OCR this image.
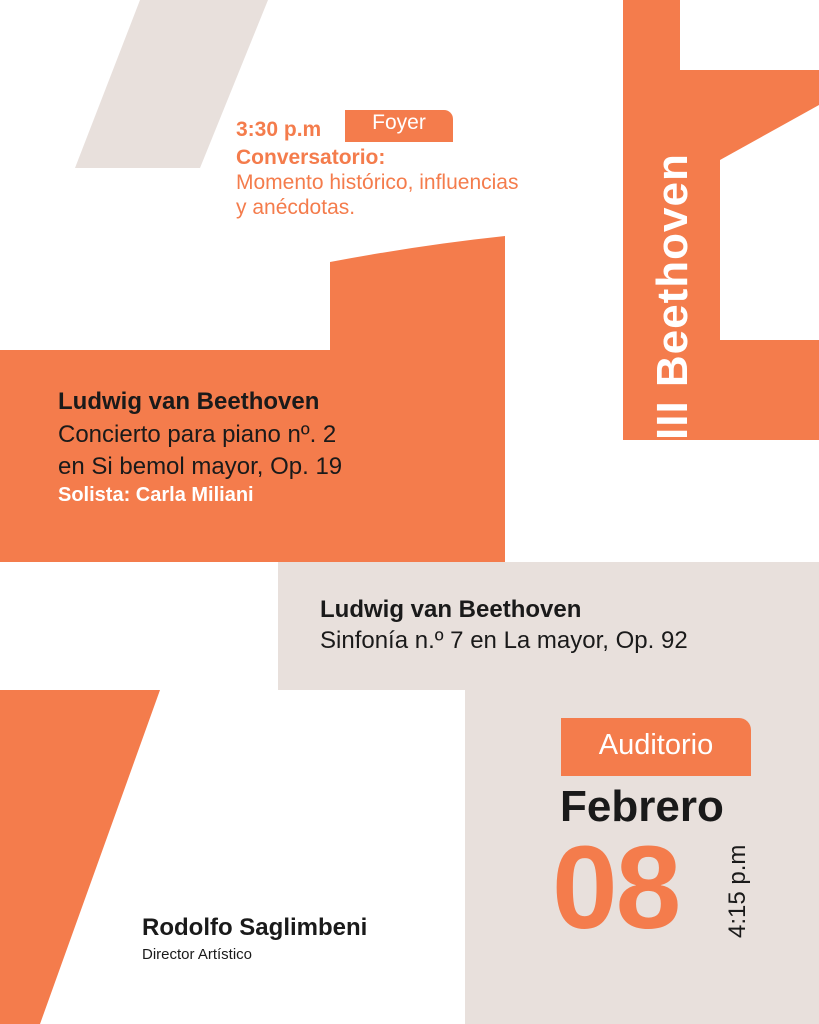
3:30 p.m	Foyer
Conversatorio:
Momento histórico, influencias
y anécdotas.	III Beethoven
Ludwig van Beethoven
Concierto para piano nº. 2
en Si bemol mayor, Op. 19
Solista: Carla Miliani
Ludwig van Beethoven
Sinfonía n.º 7 en La mayor, Op. 92
Auditorio
Febrero
08 4:15 p.m
Rodolfo Saglimbeni
Director Artístico
